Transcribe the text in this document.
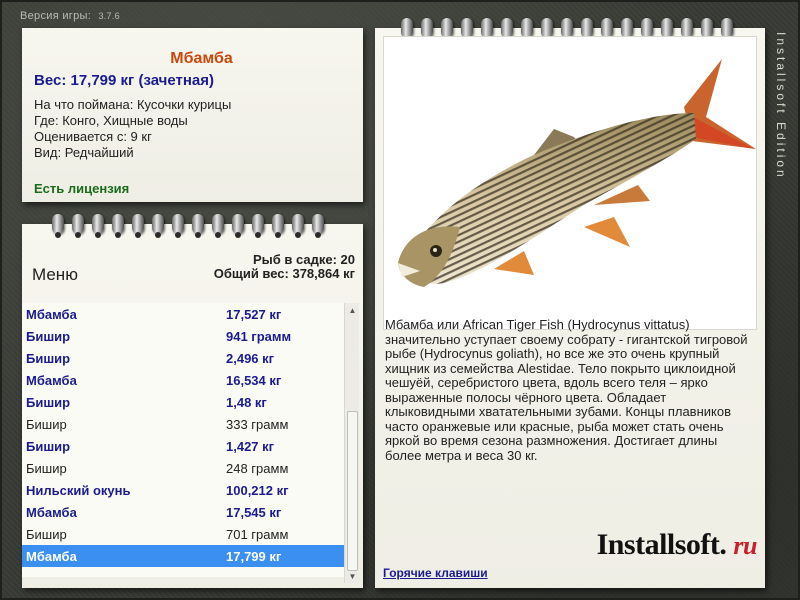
Версия игры: 3.7.6
Мбамба
Вес: 17,799 кг (зачетная)
На что поймана: Кусочки курицы
Где: Конго, Хищные воды
Оценивается с: 9 кг
Вид: Редчайший
Есть лицензия
Меню
Рыб в садке: 20
Общий вес: 378,864 кг
Мбамба	17,527 кг
Бишир	941 грамм
Бишир	2,496 кг
Мбамба	16,534 кг
Бишир	1,48 кг
Бишир	333 грамм
Бишир	1,427 кг
Бишир	248 грамм
Нильский окунь	100,212 кг
Мбамба	17,545 кг
Бишир	701 грамм
Мбамба	17,799 кг
▲
▼
Мбамба или African Tiger Fish (Hydrocynus vittatus) значительно уступает своему собрату - гигантской тигровой рыбе (Hydrocynus goliath), но все же это очень крупный хищник из семейства Alestidae. Тело покрыто циклоидной чешуёй, серебристого цвета, вдоль всего теля – ярко выраженные полосы чёрного цвета. Обладает клыковидными хватательными зубами. Концы плавников часто оранжевые или красные, рыба может стать очень яркой во время сезона размножения. Достигает длины более метра и веса 30 кг.
Installsoft. ru
Горячие клавиши
Installsoft Edition
